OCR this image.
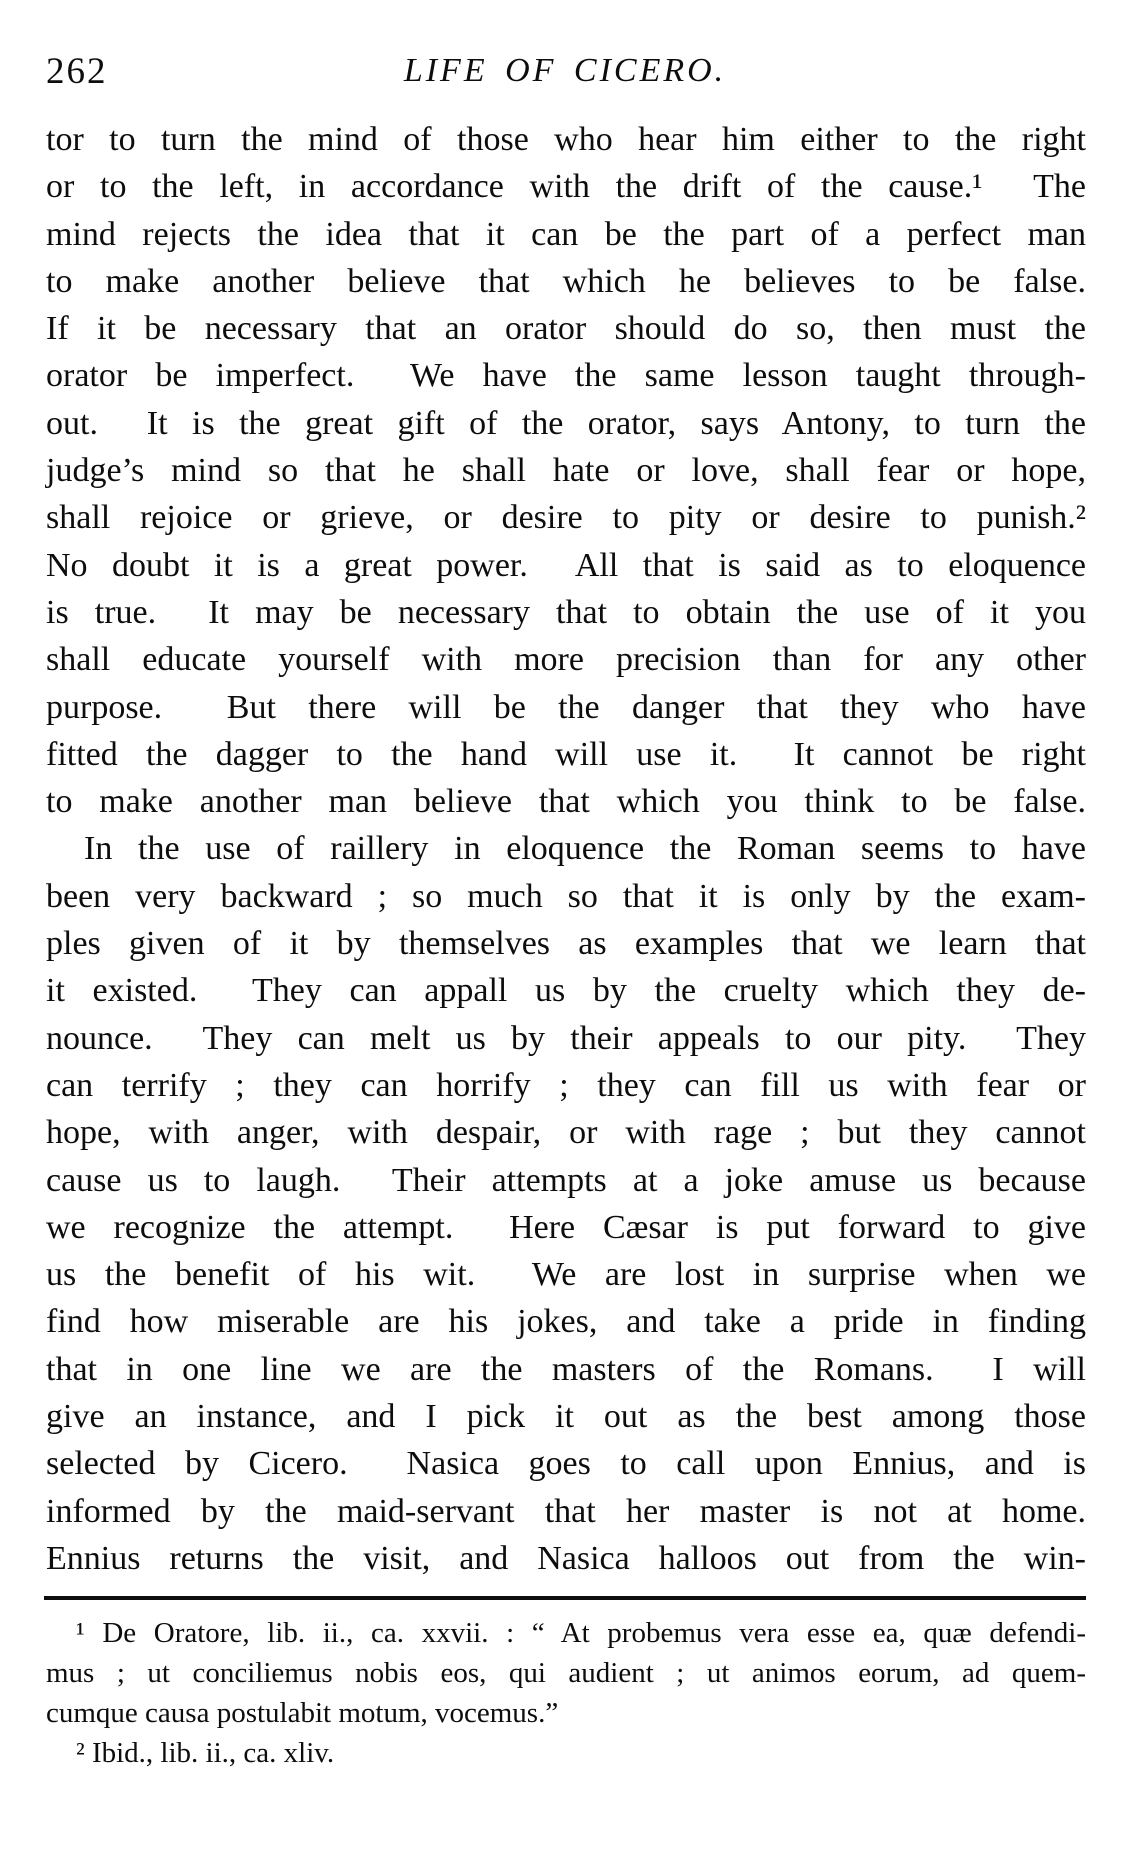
262	LIFE OF CICERO.
tor to turn the mind of those who hear him either to the right
or to the left, in accordance with the drift of the cause.¹  The
mind rejects the idea that it can be the part of a perfect man
to make another believe that which he believes to be false.
If it be necessary that an orator should do so, then must the
orator be imperfect.  We have the same lesson taught through-
out.  It is the great gift of the orator, says Antony, to turn the
judge’s mind so that he shall hate or love, shall fear or hope,
shall rejoice or grieve, or desire to pity or desire to punish.²
No doubt it is a great power.  All that is said as to eloquence
is true.  It may be necessary that to obtain the use of it you
shall educate yourself with more precision than for any other
purpose.  But there will be the danger that they who have
fitted the dagger to the hand will use it.  It cannot be right
to make another man believe that which you think to be false.
In the use of raillery in eloquence the Roman seems to have
been very backward ; so much so that it is only by the exam-
ples given of it by themselves as examples that we learn that
it existed.  They can appall us by the cruelty which they de-
nounce.  They can melt us by their appeals to our pity.  They
can terrify ; they can horrify ; they can fill us with fear or
hope, with anger, with despair, or with rage ; but they cannot
cause us to laugh.  Their attempts at a joke amuse us because
we recognize the attempt.  Here Cæsar is put forward to give
us the benefit of his wit.  We are lost in surprise when we
find how miserable are his jokes, and take a pride in finding
that in one line we are the masters of the Romans.  I will
give an instance, and I pick it out as the best among those
selected by Cicero.  Nasica goes to call upon Ennius, and is
informed by the maid-servant that her master is not at home.
Ennius returns the visit, and Nasica halloos out from the win-
¹ De Oratore, lib. ii., ca. xxvii. : “ At probemus vera esse ea, quæ defendi-
mus ; ut conciliemus nobis eos, qui audient ; ut animos eorum, ad quem-
cumque causa postulabit motum, vocemus.”
² Ibid., lib. ii., ca. xliv.
